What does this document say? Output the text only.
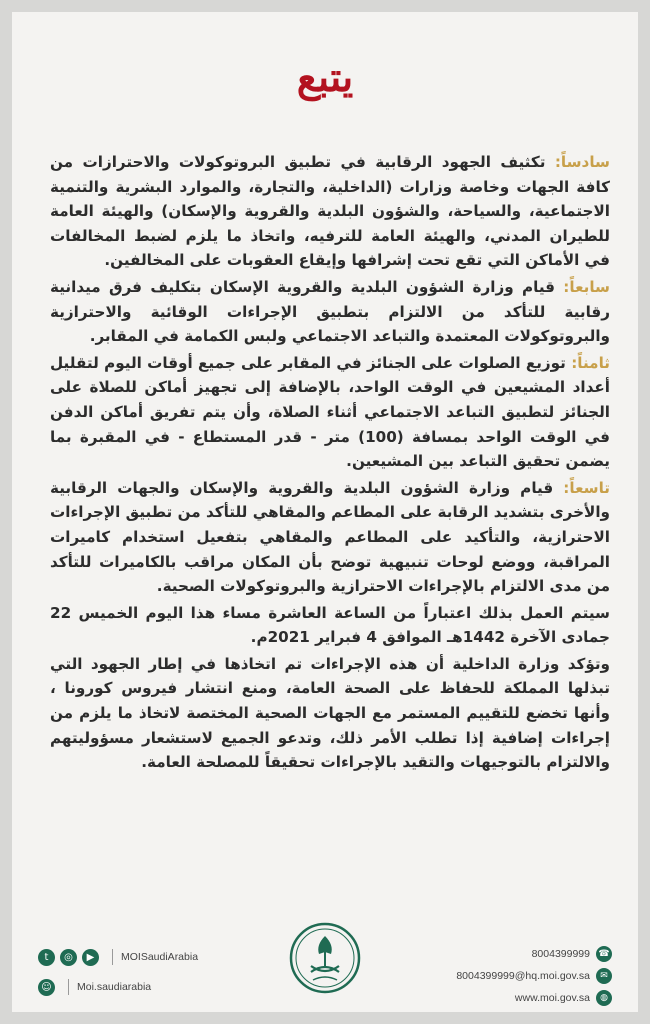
يتبع

سادساً: تكثيف الجهود الرقابية في تطبيق البروتوكولات والاحترازات من كافة الجهات وخاصة وزارات (الداخلية، والتجارة، والموارد البشرية والتنمية الاجتماعية، والسياحة، والشؤون البلدية والقروية والإسكان) والهيئة العامة للطيران المدني، والهيئة العامة للترفيه، واتخاذ ما يلزم لضبط المخالفات في الأماكن التي تقع تحت إشرافها وإيقاع العقوبات على المخالفين.

سابعاً: قيام وزارة الشؤون البلدية والقروية الإسكان بتكليف فرق ميدانية رقابية للتأكد من الالتزام بتطبيق الإجراءات الوقائية والاحترازية والبروتوكولات المعتمدة والتباعد الاجتماعي ولبس الكمامة في المقابر.

ثامناً: توزيع الصلوات على الجنائز في المقابر على جميع أوقات اليوم لتقليل أعداد المشيعين في الوقت الواحد، بالإضافة إلى تجهيز أماكن للصلاة على الجنائز لتطبيق التباعد الاجتماعي أثناء الصلاة، وأن يتم تفريق أماكن الدفن في الوقت الواحد بمسافة (100) متر - قدر المستطاع - في المقبرة بما يضمن تحقيق التباعد بين المشيعين.

تاسعاً: قيام وزارة الشؤون البلدية والقروية والإسكان والجهات الرقابية والأخرى بتشديد الرقابة على المطاعم والمقاهي للتأكد من تطبيق الإجراءات الاحترازية، والتأكيد على المطاعم والمقاهي بتفعيل استخدام كاميرات المراقبة، ووضع لوحات تنبيهية توضح بأن المكان مراقب بالكاميرات للتأكد من مدى الالتزام بالإجراءات الاحترازية والبروتوكولات الصحية.

سيتم العمل بذلك اعتباراً من الساعة العاشرة مساء هذا اليوم الخميس 22 جمادى الآخرة 1442هـ الموافق 4 فبراير 2021م.

وتؤكد وزارة الداخلية أن هذه الإجراءات تم اتخاذها في إطار الجهود التي تبذلها المملكة للحفاظ على الصحة العامة، ومنع انتشار فيروس كورونا ، وأنها تخضع للتقييم المستمر مع الجهات الصحية المختصة لاتخاذ ما يلزم من إجراءات إضافية إذا تطلب الأمر ذلك، وتدعو الجميع لاستشعار مسؤوليتهم والالتزام بالتوجيهات والتقيد بالإجراءات تحقيقاً للمصلحة العامة.

t	◎	▶	MOISaudiArabia
☺	Moi.saudiarabia
8004399999 ☎
8004399999@hq.moi.gov.sa	✉
www.moi.gov.sa	◍
